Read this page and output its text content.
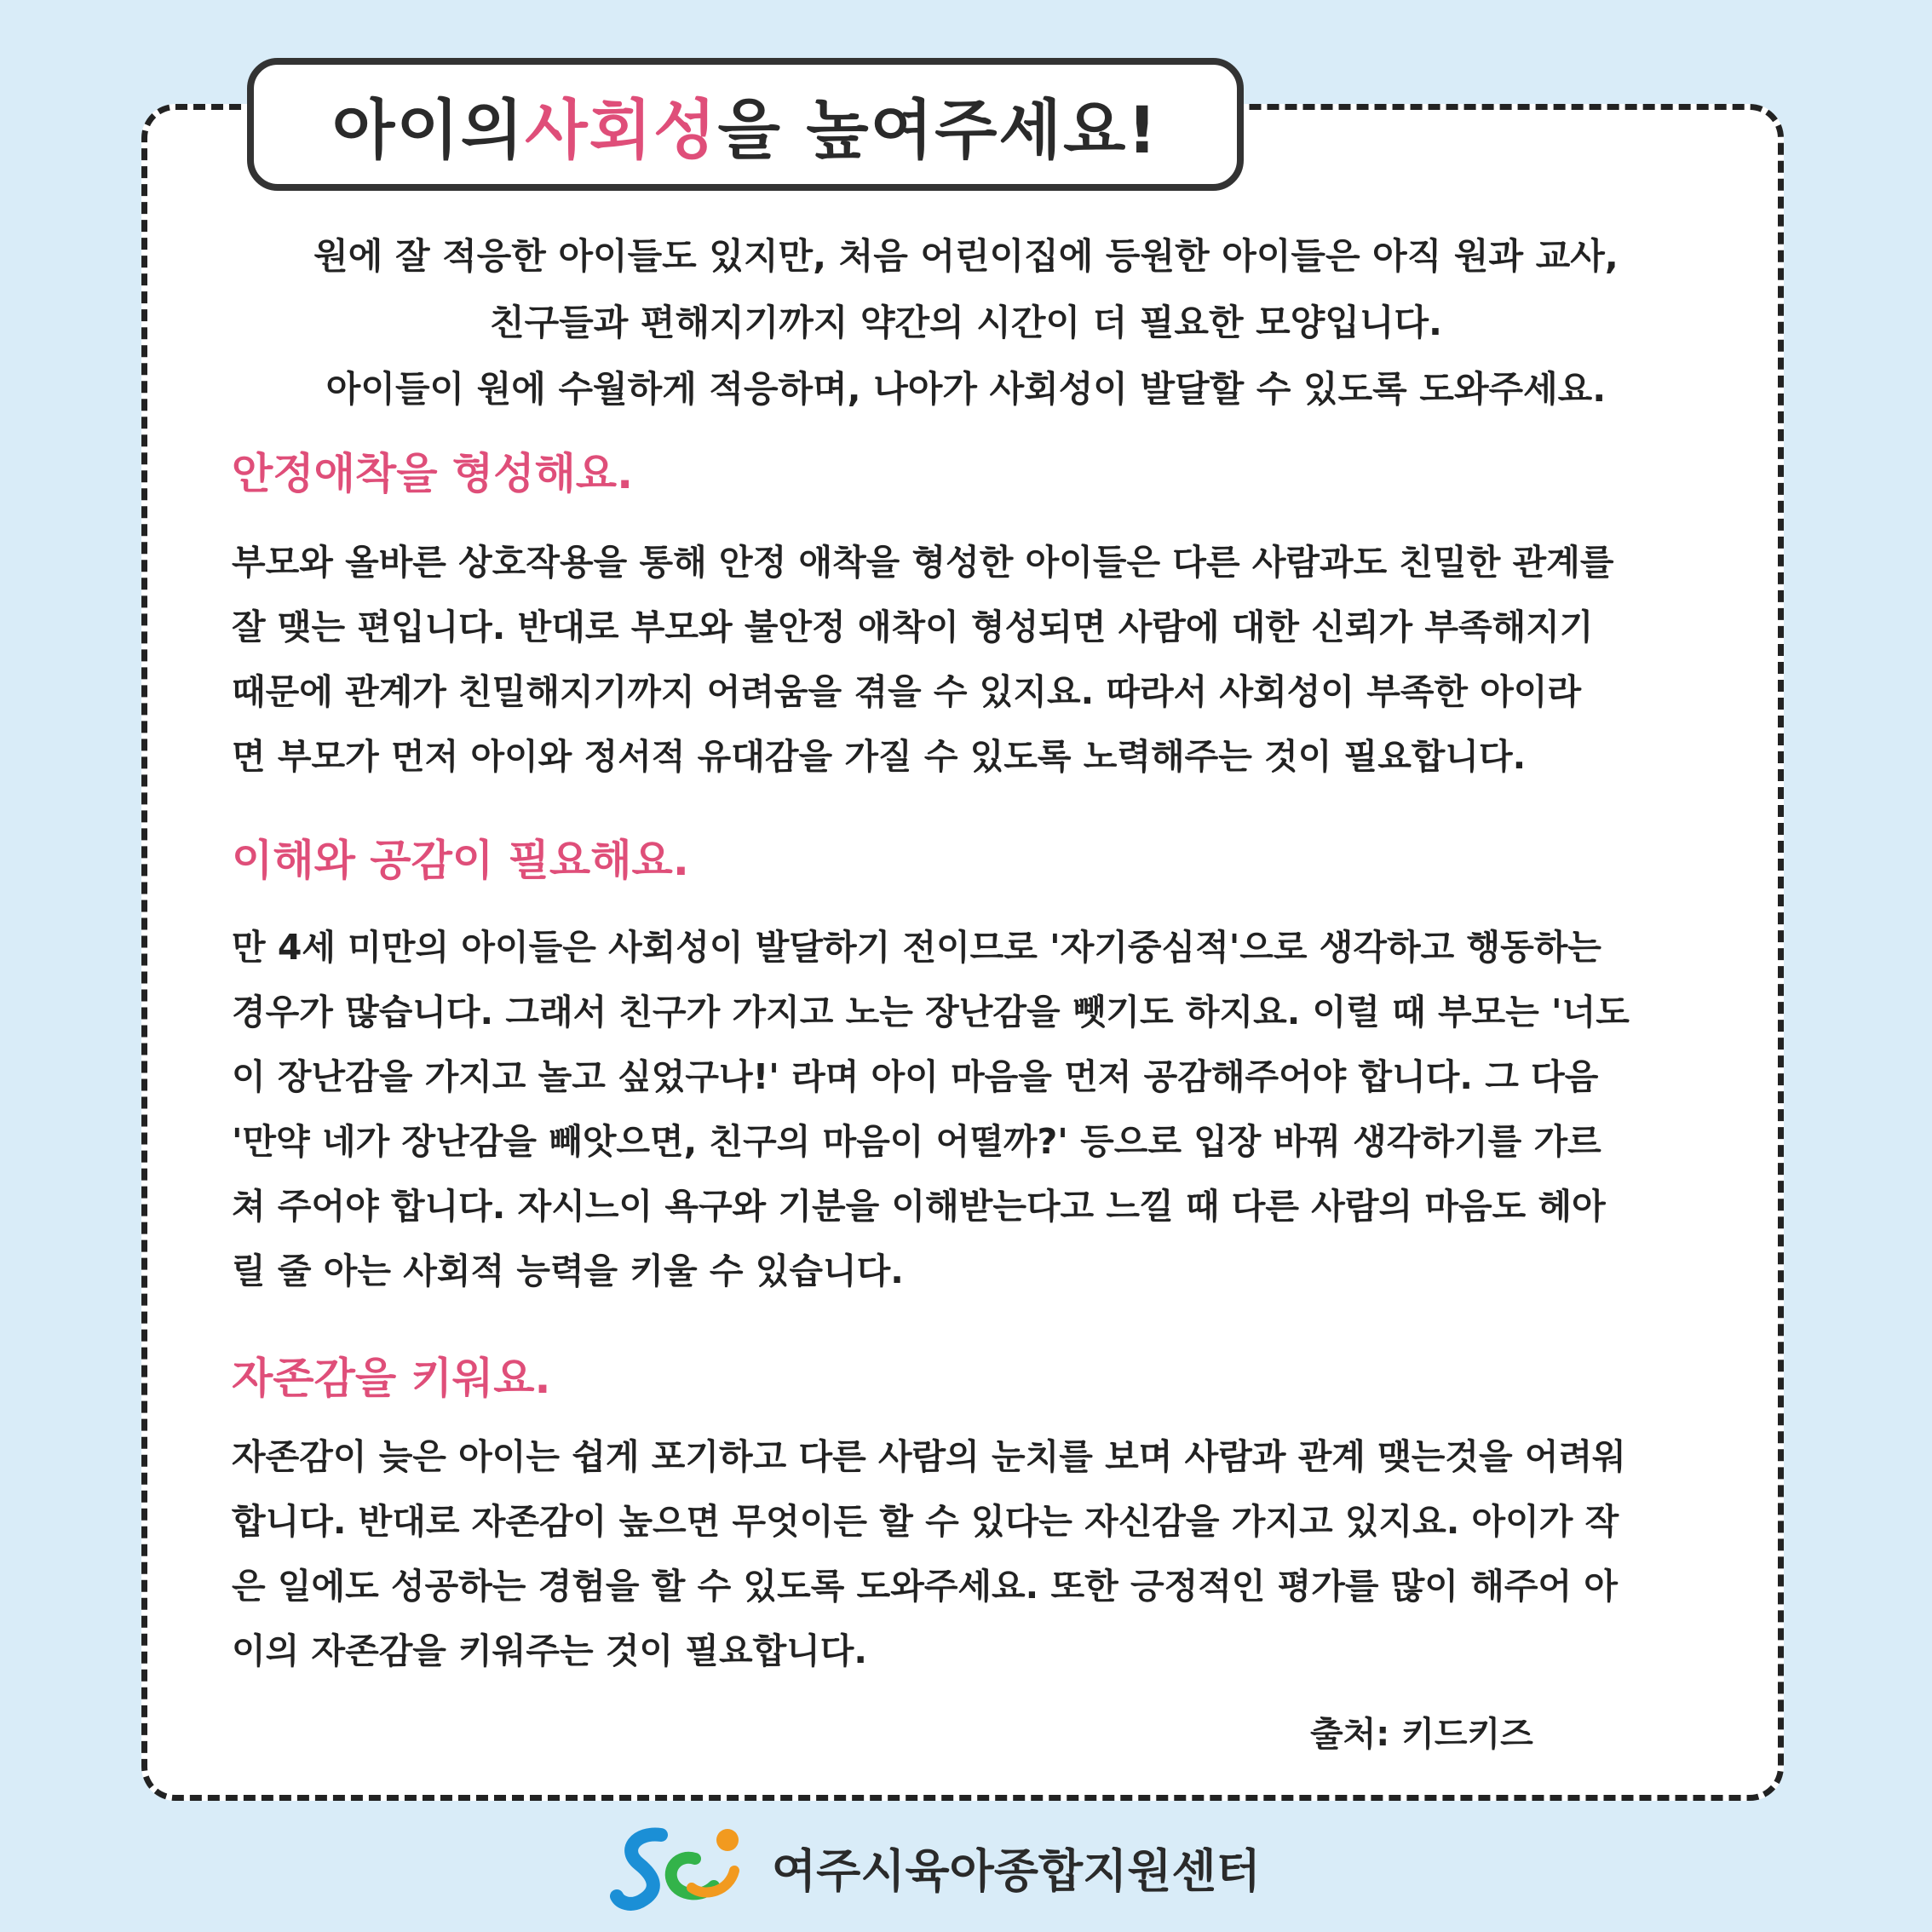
아이의 사회성 을 높여주세요!

원에 잘 적응한 아이들도 있지만, 처음 어린이집에 등원한 아이들은 아직 원과 교사,
친구들과 편해지기까지 약간의 시간이 더 필요한 모양입니다.
아이들이 원에 수월하게 적응하며, 나아가 사회성이 발달할 수 있도록 도와주세요.

안정애착을 형성해요.

부모와 올바른 상호작용을 통해 안정 애착을 형성한 아이들은 다른 사람과도 친밀한 관계를
잘 맺는 편입니다. 반대로 부모와 불안정 애착이 형성되면 사람에 대한 신뢰가 부족해지기
때문에 관계가 친밀해지기까지 어려움을 겪을 수 있지요. 따라서 사회성이 부족한 아이라
면 부모가 먼저 아이와 정서적 유대감을 가질 수 있도록 노력해주는 것이 필요합니다.

이해와 공감이 필요해요.

만 4세 미만의 아이들은 사회성이 발달하기 전이므로 '자기중심적'으로 생각하고 행동하는
경우가 많습니다. 그래서 친구가 가지고 노는 장난감을 뺏기도 하지요. 이럴 때 부모는 '너도
이 장난감을 가지고 놀고 싶었구나!' 라며 아이 마음을 먼저 공감해주어야 합니다. 그 다음
'만약 네가 장난감을 빼앗으면, 친구의 마음이 어떨까?' 등으로 입장 바꿔 생각하기를 가르
쳐 주어야 합니다. 자시느이 욕구와 기분을 이해받는다고 느낄 때 다른 사람의 마음도 헤아
릴 줄 아는 사회적 능력을 키울 수 있습니다.

자존감을 키워요.

자존감이 늦은 아이는 쉽게 포기하고 다른 사람의 눈치를 보며 사람과 관계 맺는것을 어려워
합니다. 반대로 자존감이 높으면 무엇이든 할 수 있다는 자신감을 가지고 있지요. 아이가 작
은 일에도 성공하는 경험을 할 수 있도록 도와주세요. 또한 긍정적인 평가를 많이 해주어 아
이의 자존감을 키워주는 것이 필요합니다.

출처: 키드키즈
여주시육아종합지원센터
